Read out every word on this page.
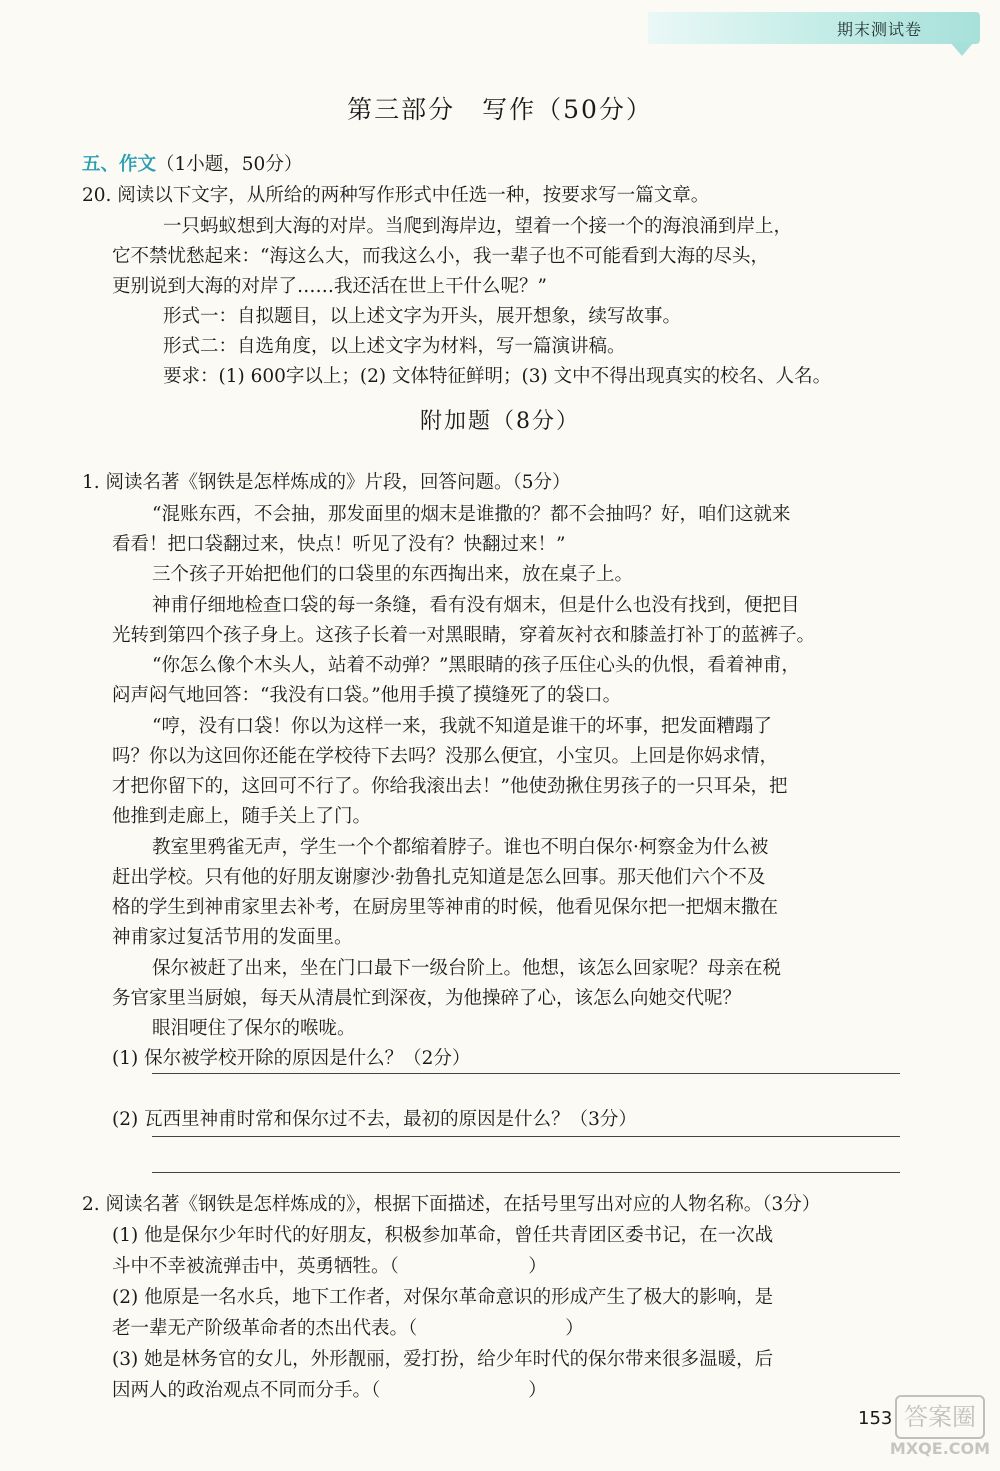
期末测试卷
第三部分　写作（50分）
五、作文（1小题，50分）
20. 阅读以下文字，从所给的两种写作形式中任选一种，按要求写一篇文章。
一只蚂蚁想到大海的对岸。当爬到海岸边，望着一个接一个的海浪涌到岸上，
它不禁忧愁起来：“海这么大，而我这么小，我一辈子也不可能看到大海的尽头，
更别说到大海的对岸了……我还活在世上干什么呢？”
形式一：自拟题目，以上述文字为开头，展开想象，续写故事。
形式二：自选角度，以上述文字为材料，写一篇演讲稿。
要求：(1) 600字以上；(2) 文体特征鲜明；(3) 文中不得出现真实的校名、人名。
附加题（8分）
1. 阅读名著《钢铁是怎样炼成的》片段，回答问题。（5分）
“混账东西，不会抽，那发面里的烟末是谁撒的？都不会抽吗？好，咱们这就来
看看！把口袋翻过来，快点！听见了没有？快翻过来！”
三个孩子开始把他们的口袋里的东西掏出来，放在桌子上。
神甫仔细地检查口袋的每一条缝，看有没有烟末，但是什么也没有找到，便把目
光转到第四个孩子身上。这孩子长着一对黑眼睛，穿着灰衬衣和膝盖打补丁的蓝裤子。
“你怎么像个木头人，站着不动弹？”黑眼睛的孩子压住心头的仇恨，看着神甫，
闷声闷气地回答：“我没有口袋。”他用手摸了摸缝死了的袋口。
“哼，没有口袋！你以为这样一来，我就不知道是谁干的坏事，把发面糟蹋了
吗？你以为这回你还能在学校待下去吗？没那么便宜，小宝贝。上回是你妈求情，
才把你留下的，这回可不行了。你给我滚出去！”他使劲揪住男孩子的一只耳朵，把
他推到走廊上，随手关上了门。
教室里鸦雀无声，学生一个个都缩着脖子。谁也不明白保尔·柯察金为什么被
赶出学校。只有他的好朋友谢廖沙·勃鲁扎克知道是怎么回事。那天他们六个不及
格的学生到神甫家里去补考，在厨房里等神甫的时候，他看见保尔把一把烟末撒在
神甫家过复活节用的发面里。
保尔被赶了出来，坐在门口最下一级台阶上。他想，该怎么回家呢？母亲在税
务官家里当厨娘，每天从清晨忙到深夜，为他操碎了心，该怎么向她交代呢？
眼泪哽住了保尔的喉咙。
(1) 保尔被学校开除的原因是什么？（2分）
(2) 瓦西里神甫时常和保尔过不去，最初的原因是什么？（3分）
2. 阅读名著《钢铁是怎样炼成的》，根据下面描述，在括号里写出对应的人物名称。（3分）
(1) 他是保尔少年时代的好朋友，积极参加革命，曾任共青团区委书记，在一次战
斗中不幸被流弹击中，英勇牺牲。（　　　　　　　）
(2) 他原是一名水兵，地下工作者，对保尔革命意识的形成产生了极大的影响，是
老一辈无产阶级革命者的杰出代表。（　　　　　　　　）
(3) 她是林务官的女儿，外形靓丽，爱打扮，给少年时代的保尔带来很多温暖，后
因两人的政治观点不同而分手。（　　　　　　　　）
153 答案圈
MXQE.COM
